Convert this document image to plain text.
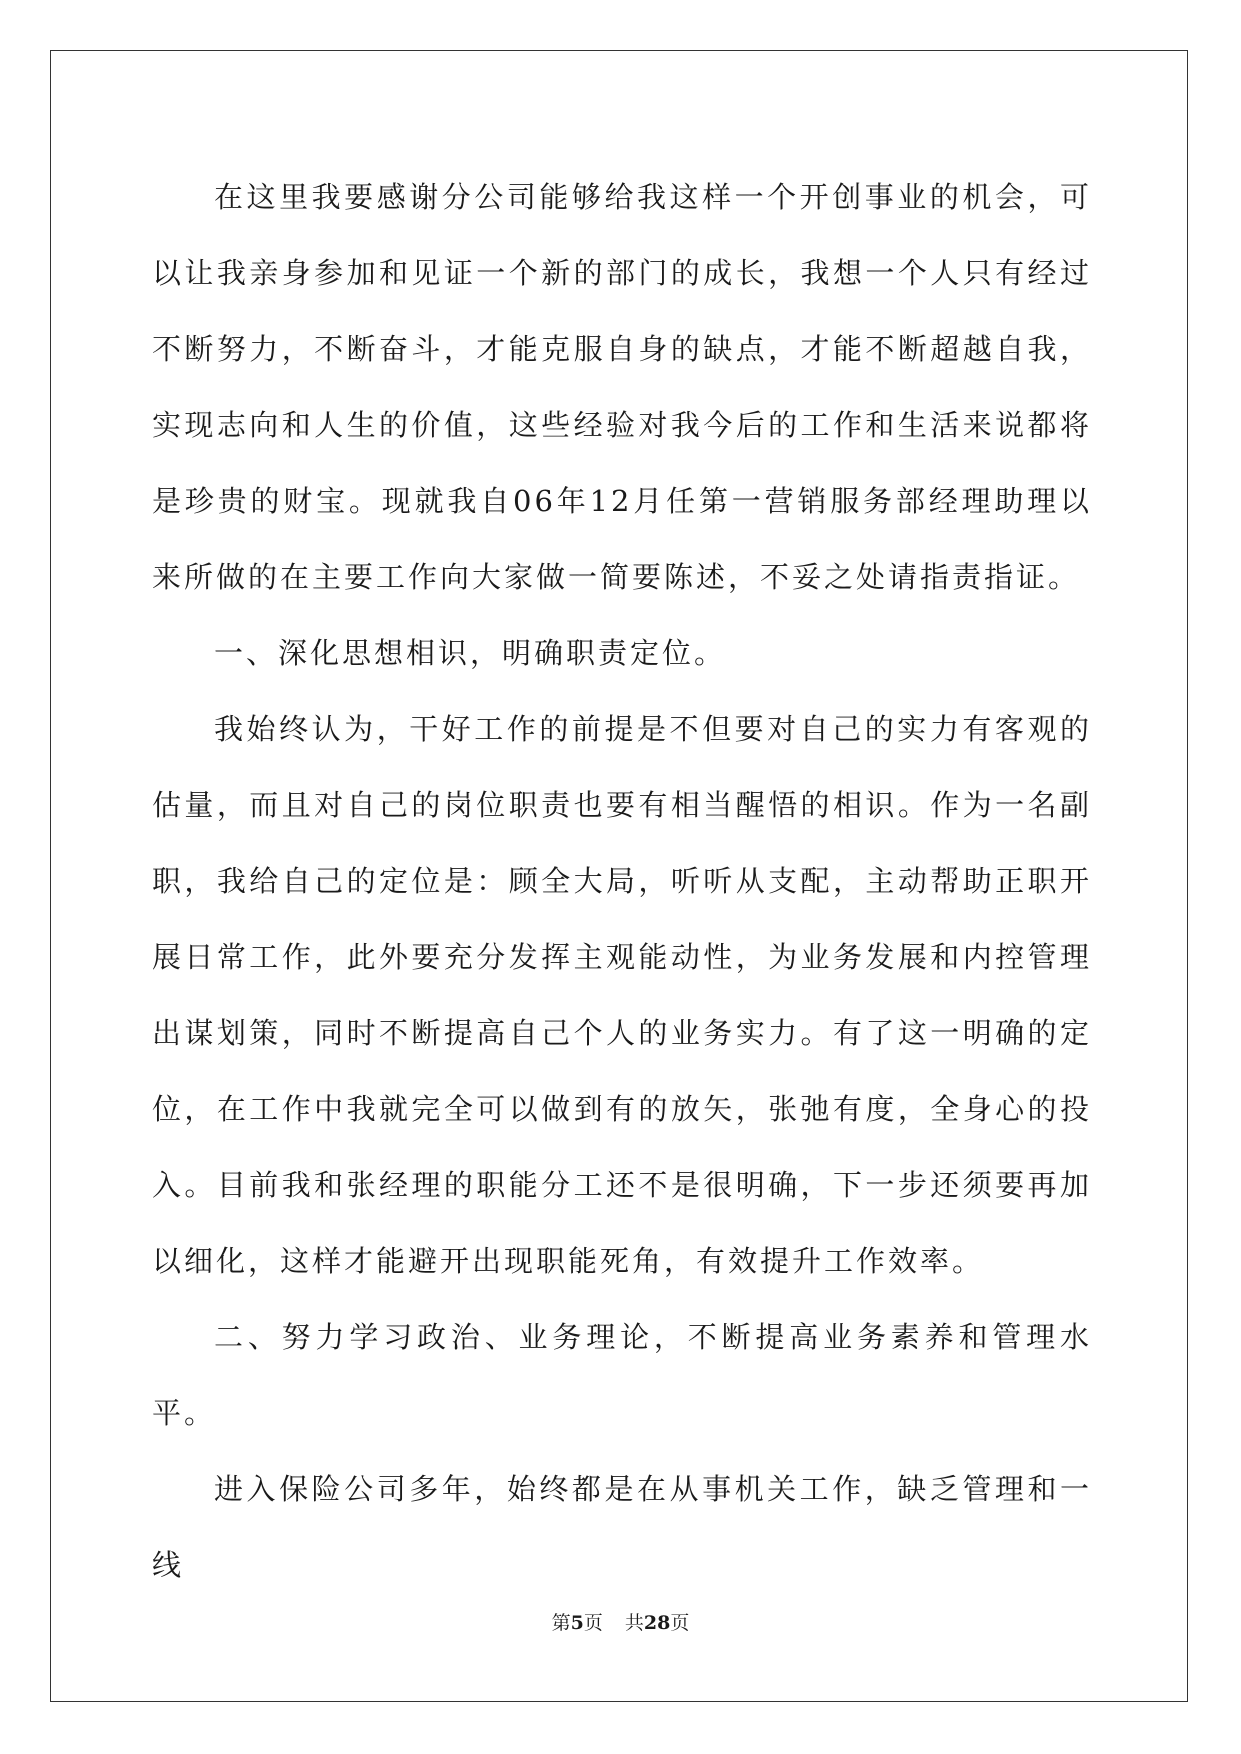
在这里我要感谢分公司能够给我这样一个开创事业的机会，可以让我亲身参加和见证一个新的部门的成长，我想一个人只有经过不断努力，不断奋斗，才能克服自身的缺点，才能不断超越自我，实现志向和人生的价值，这些经验对我今后的工作和生活来说都将是珍贵的财宝。现就我自06年12月任第一营销服务部经理助理以来所做的在主要工作向大家做一简要陈述，不妥之处请指责指证。

一、深化思想相识，明确职责定位。

我始终认为，干好工作的前提是不但要对自己的实力有客观的估量，而且对自己的岗位职责也要有相当醒悟的相识。作为一名副职，我给自己的定位是：顾全大局，听听从支配，主动帮助正职开展日常工作，此外要充分发挥主观能动性，为业务发展和内控管理出谋划策，同时不断提高自己个人的业务实力。有了这一明确的定位，在工作中我就完全可以做到有的放矢，张弛有度，全身心的投入。目前我和张经理的职能分工还不是很明确，下一步还须要再加以细化，这样才能避开出现职能死角，有效提升工作效率。

二、努力学习政治、业务理论，不断提高业务素养和管理水平。

进入保险公司多年，始终都是在从事机关工作，缺乏管理和一线

第5页 共28页
